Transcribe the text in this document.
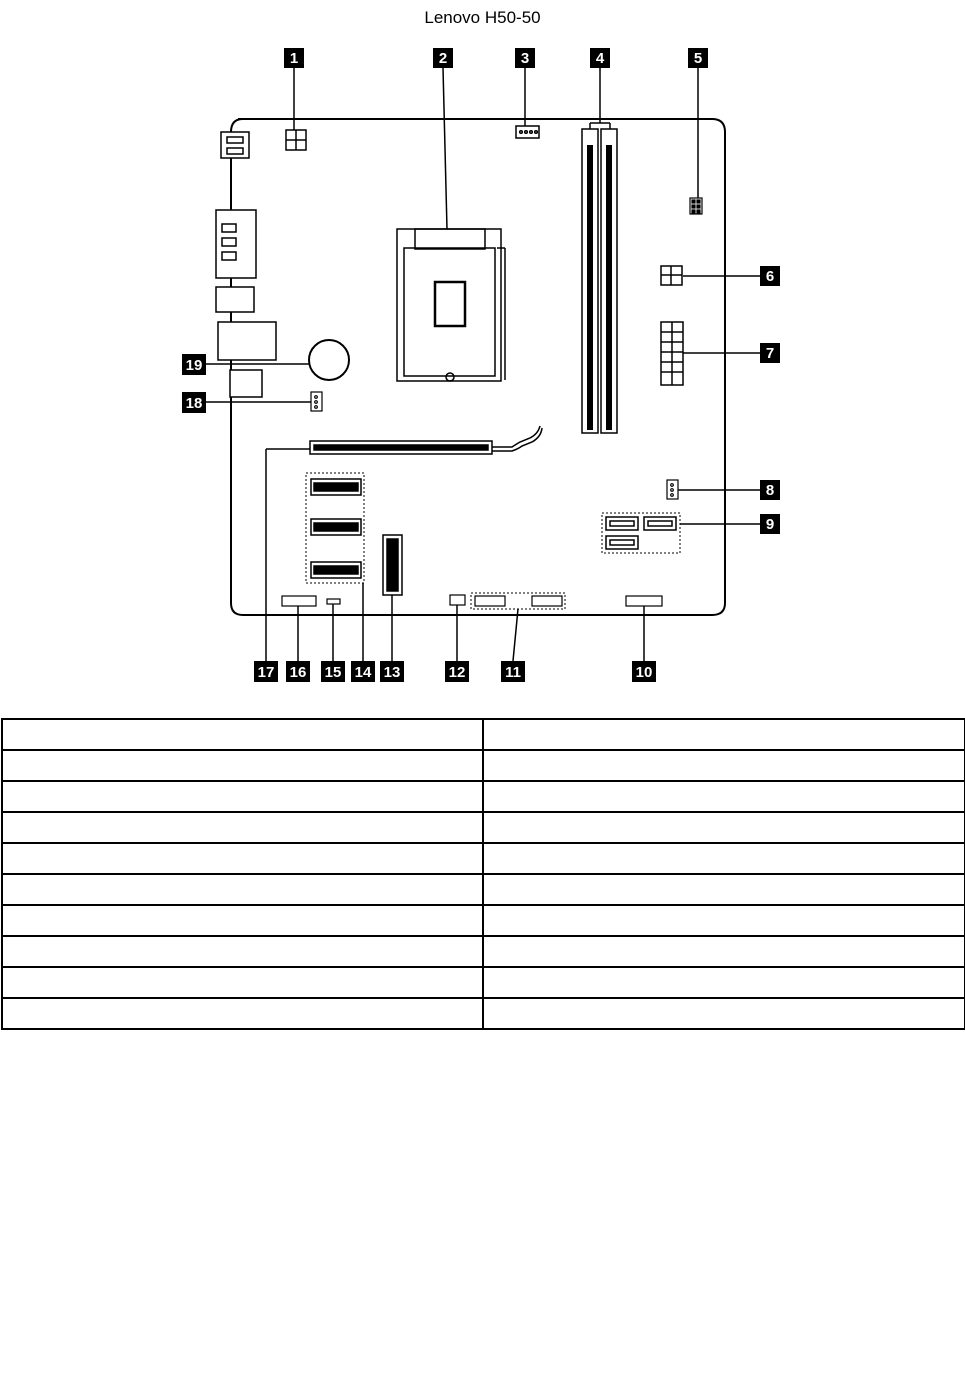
Lenovo H50-50
1	2	3	4	5
6
7
8
9
10
11
12
13
14
15
16
17
18
19
